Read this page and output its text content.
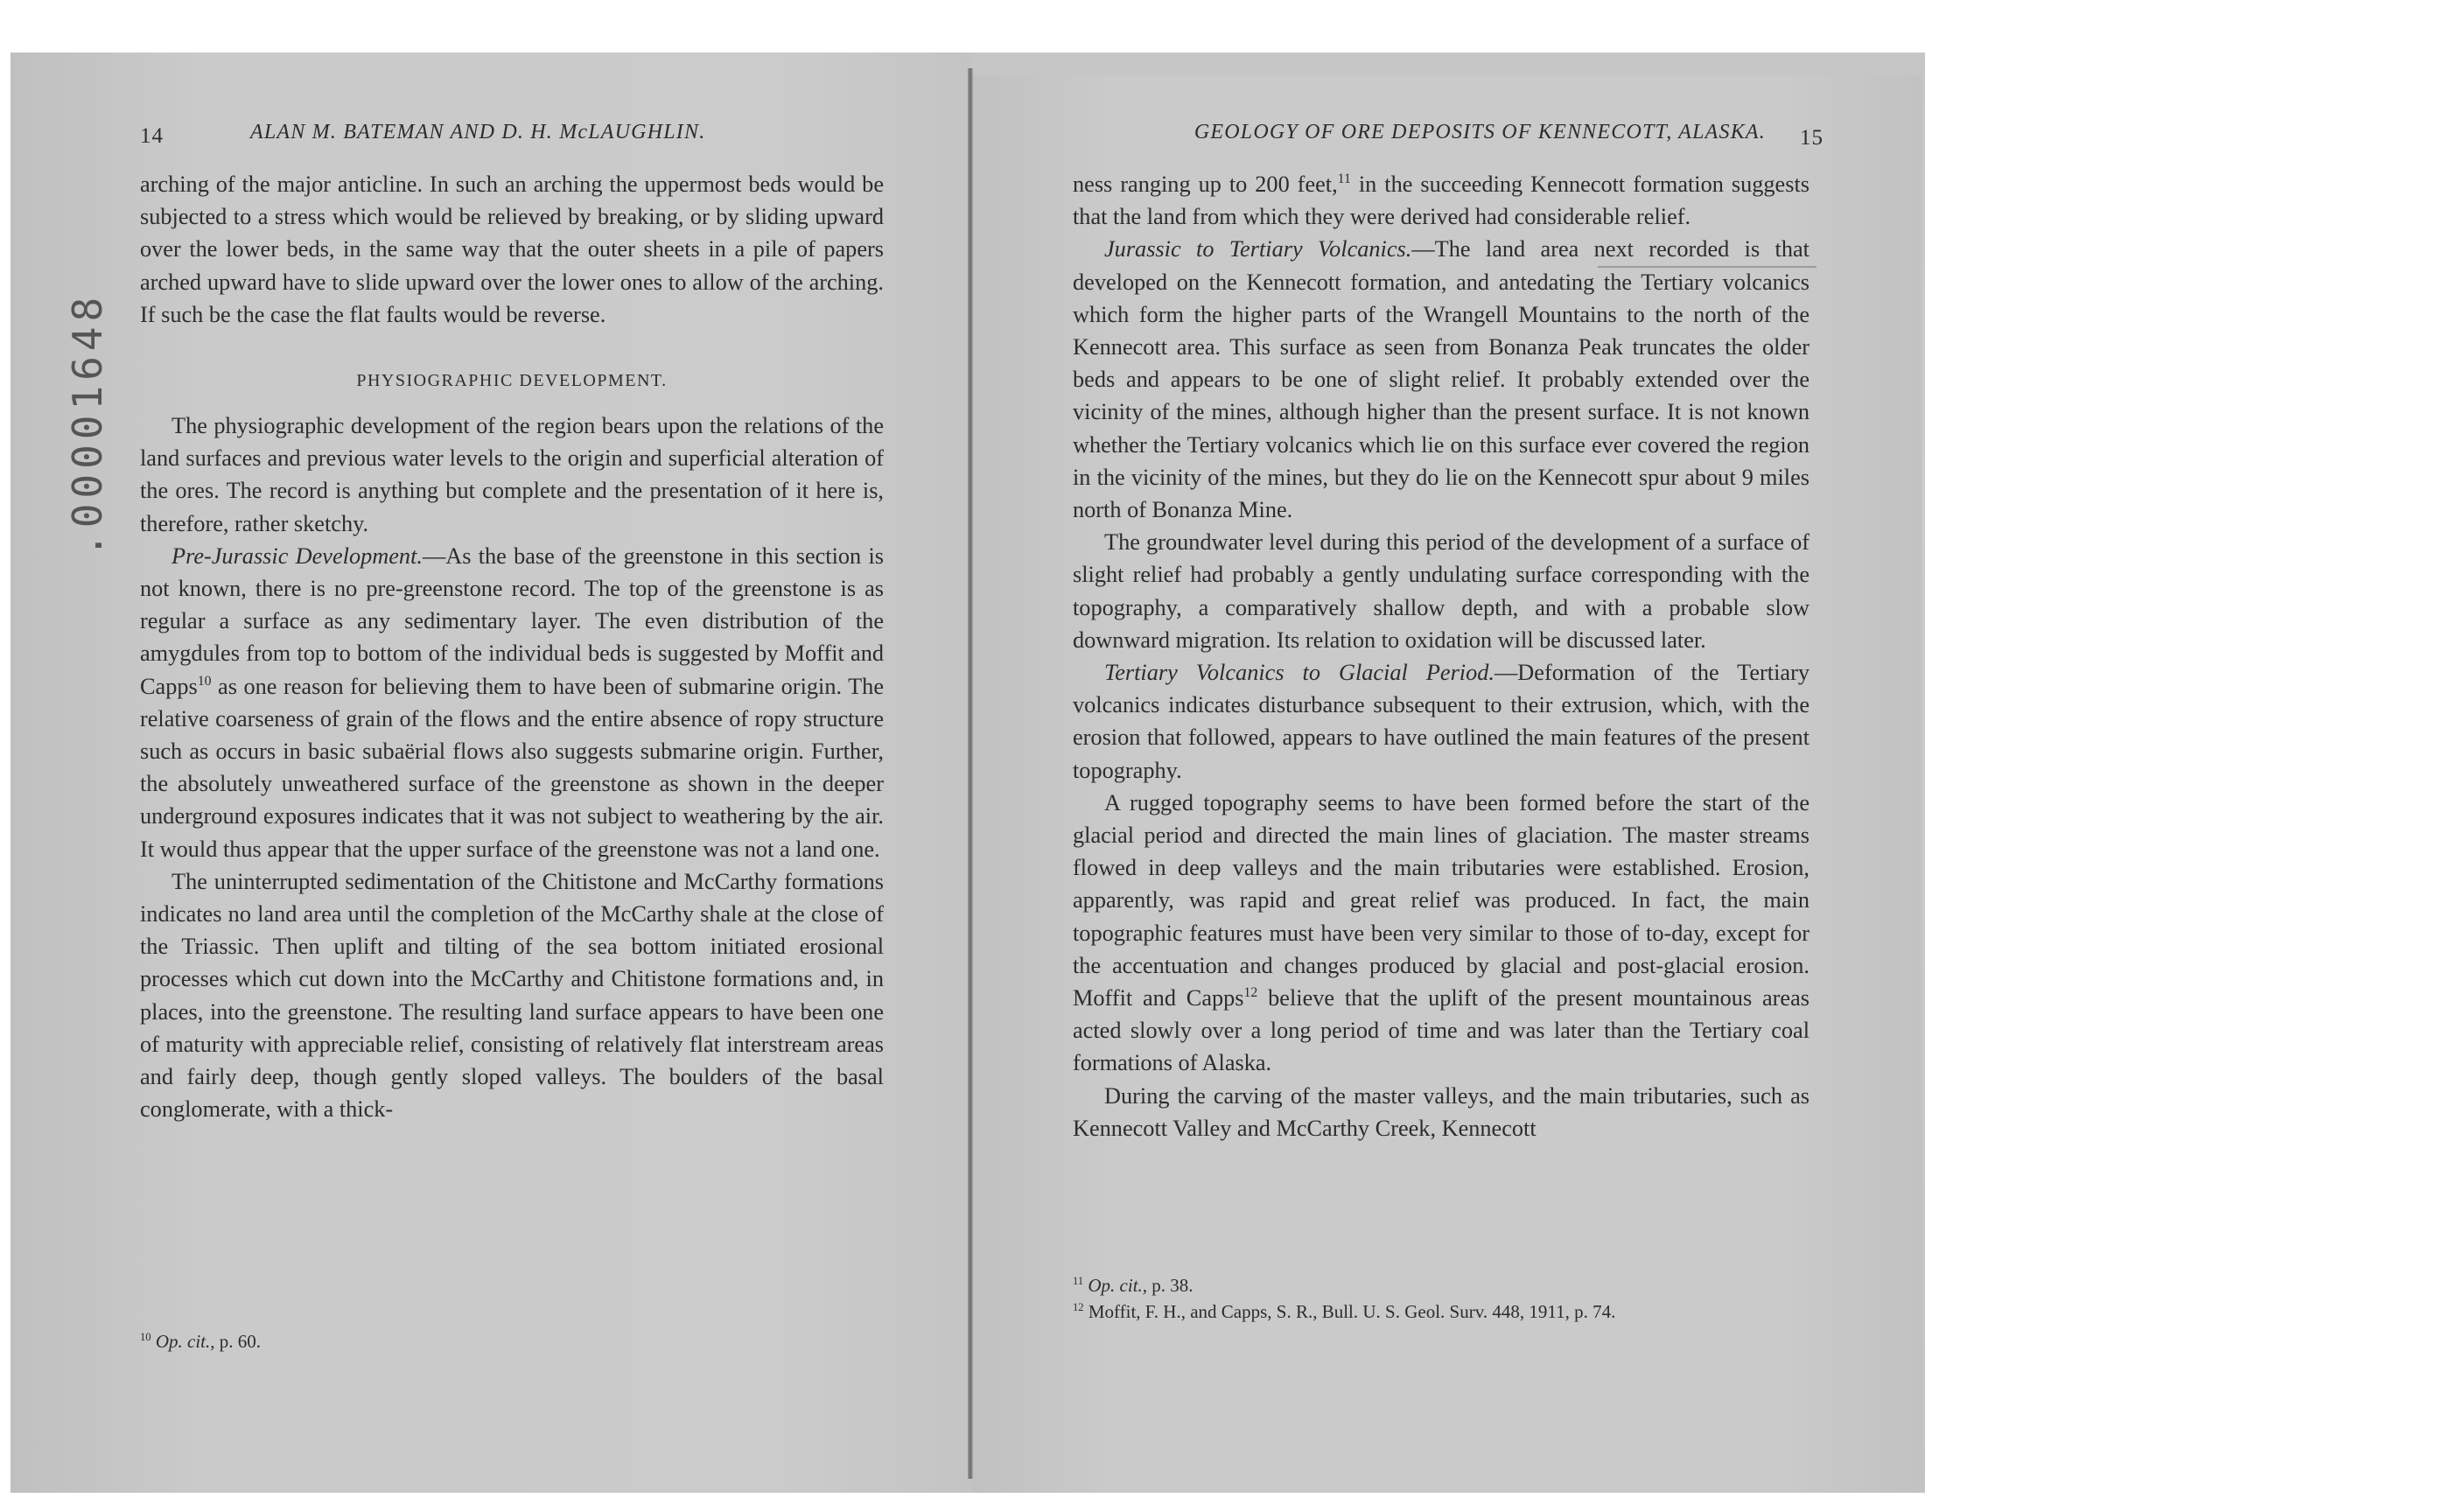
.00001648
14	ALAN M. BATEMAN AND D. H. McLAUGHLIN.

arching of the major anticline. In such an arching the uppermost beds would be subjected to a stress which would be relieved by breaking, or by sliding upward over the lower beds, in the same way that the outer sheets in a pile of papers arched upward have to slide upward over the lower ones to allow of the arching. If such be the case the flat faults would be reverse.

PHYSIOGRAPHIC DEVELOPMENT.

The physiographic development of the region bears upon the relations of the land surfaces and previous water levels to the origin and superficial alteration of the ores. The record is anything but complete and the presentation of it here is, therefore, rather sketchy.

Pre-Jurassic Development.—As the base of the greenstone in this section is not known, there is no pre-greenstone record. The top of the greenstone is as regular a surface as any sedimentary layer. The even distribution of the amygdules from top to bottom of the individual beds is suggested by Moffit and Capps$^{10}$ as one reason for believing them to have been of submarine origin. The relative coarseness of grain of the flows and the entire absence of ropy structure such as occurs in basic subaërial flows also suggests submarine origin. Further, the absolutely unweathered surface of the greenstone as shown in the deeper underground exposures indicates that it was not subject to weathering by the air. It would thus appear that the upper surface of the greenstone was not a land one.

The uninterrupted sedimentation of the Chitistone and McCarthy formations indicates no land area until the completion of the McCarthy shale at the close of the Triassic. Then uplift and tilting of the sea bottom initiated erosional processes which cut down into the McCarthy and Chitistone formations and, in places, into the greenstone. The resulting land surface appears to have been one of maturity with appreciable relief, consisting of relatively flat interstream areas and fairly deep, though gently sloped valleys. The boulders of the basal conglomerate, with a thick-

$^{10}$ Op. cit., p. 60.

GEOLOGY OF ORE DEPOSITS OF KENNECOTT, ALASKA. 15

ness ranging up to 200 feet,$^{11}$ in the succeeding Kennecott formation suggests that the land from which they were derived had considerable relief.

Jurassic to Tertiary Volcanics.—The land area next recorded is that developed on the Kennecott formation, and antedating the Tertiary volcanics which form the higher parts of the Wrangell Mountains to the north of the Kennecott area. This surface as seen from Bonanza Peak truncates the older beds and appears to be one of slight relief. It probably extended over the vicinity of the mines, although higher than the present surface. It is not known whether the Tertiary volcanics which lie on this surface ever covered the region in the vicinity of the mines, but they do lie on the Kennecott spur about 9 miles north of Bonanza Mine.

The groundwater level during this period of the development of a surface of slight relief had probably a gently undulating surface corresponding with the topography, a comparatively shallow depth, and with a probable slow downward migration. Its relation to oxidation will be discussed later.

Tertiary Volcanics to Glacial Period.—Deformation of the Tertiary volcanics indicates disturbance subsequent to their extrusion, which, with the erosion that followed, appears to have outlined the main features of the present topography.

A rugged topography seems to have been formed before the start of the glacial period and directed the main lines of glaciation. The master streams flowed in deep valleys and the main tributaries were established. Erosion, apparently, was rapid and great relief was produced. In fact, the main topographic features must have been very similar to those of to-day, except for the accentuation and changes produced by glacial and post-glacial erosion. Moffit and Capps$^{12}$ believe that the uplift of the present mountainous areas acted slowly over a long period of time and was later than the Tertiary coal formations of Alaska.

During the carving of the master valleys, and the main tributaries, such as Kennecott Valley and McCarthy Creek, Kennecott

$^{11}$ Op. cit., p. 38.

$^{12}$ Moffit, F. H., and Capps, S. R., Bull. U. S. Geol. Surv. 448, 1911, p. 74.
